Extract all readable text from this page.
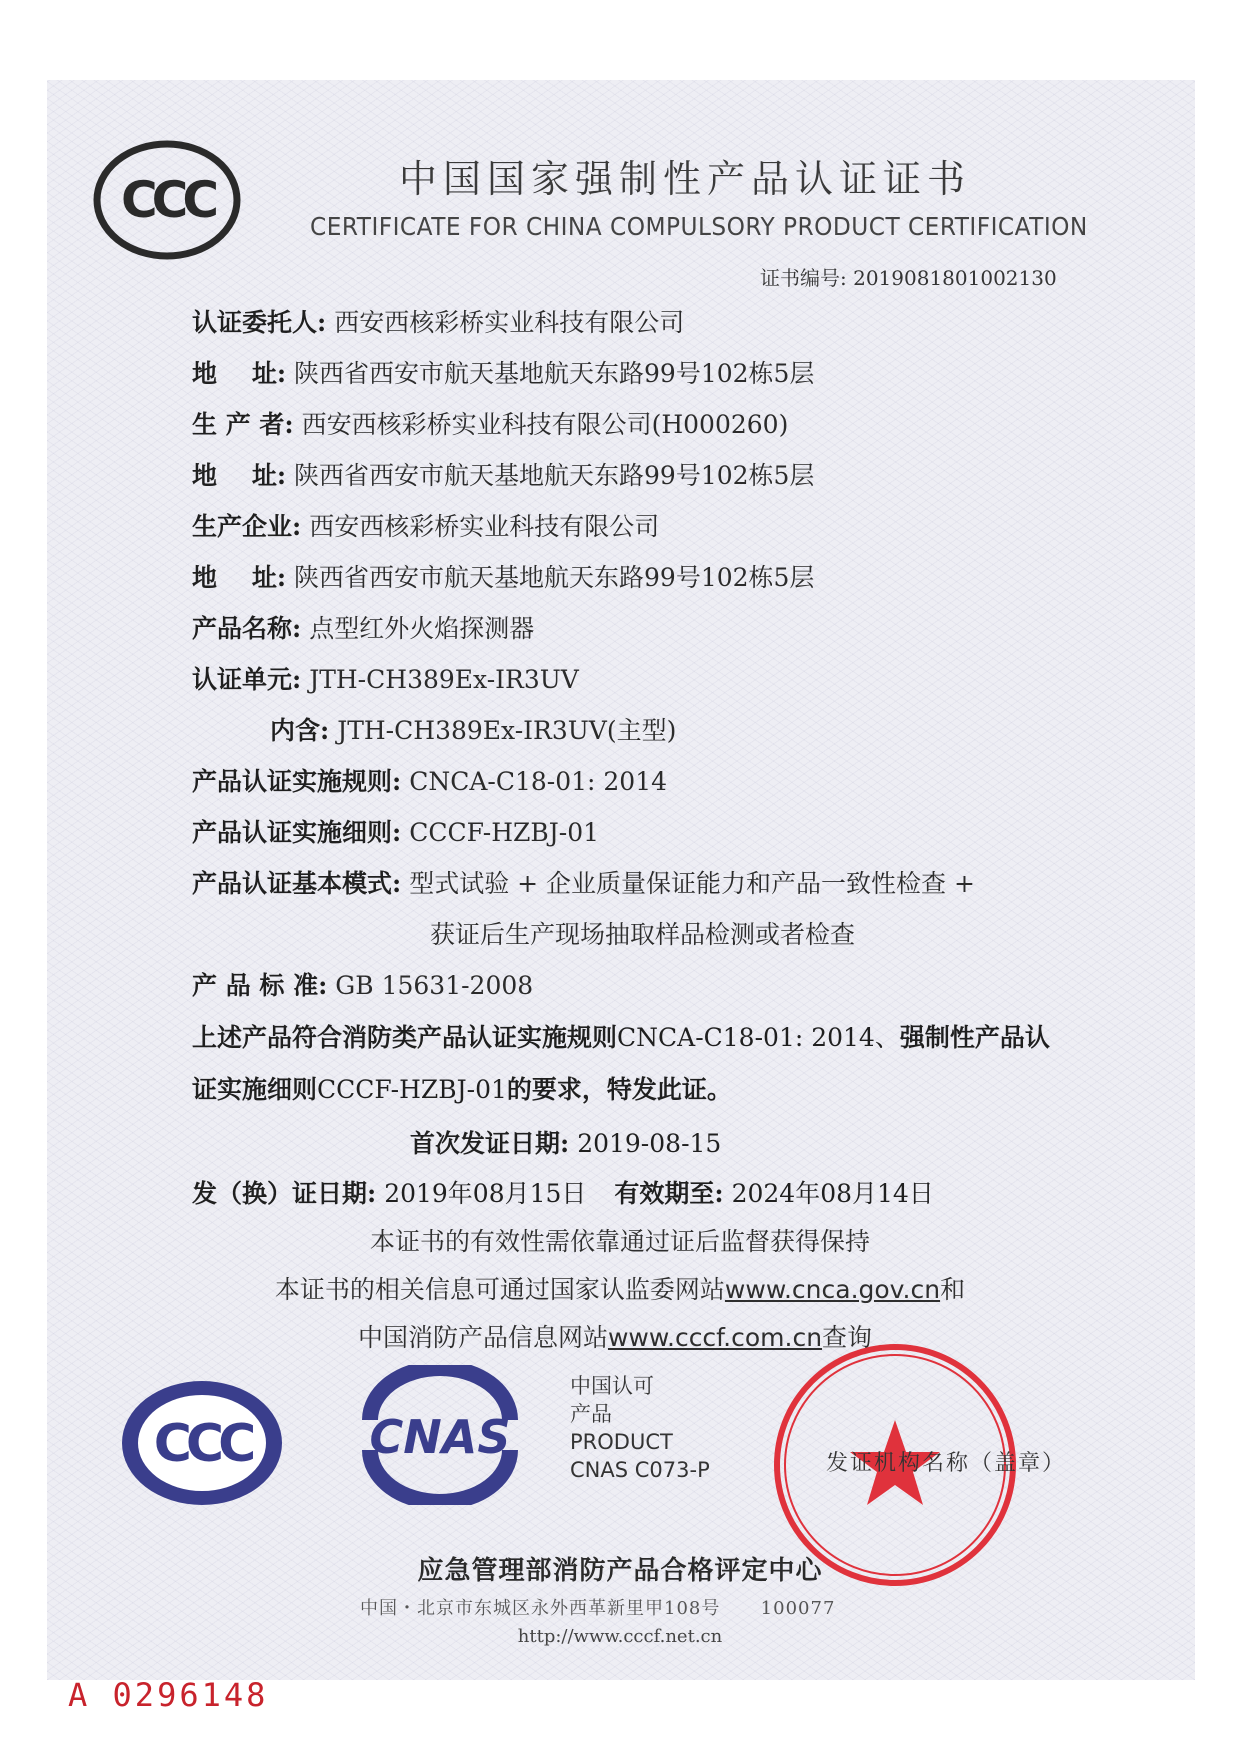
CCC	中国国家强制性产品认证证书
CERTIFICATE FOR CHINA COMPULSORY PRODUCT CERTIFICATION
证书编号: 2019081801002130
认证委托人: 西安西核彩桥实业科技有限公司
地    址: 陕西省西安市航天基地航天东路99号102栋5层
生 产 者: 西安西核彩桥实业科技有限公司(H000260)
地    址: 陕西省西安市航天基地航天东路99号102栋5层
生产企业: 西安西核彩桥实业科技有限公司
地    址: 陕西省西安市航天基地航天东路99号102栋5层
产品名称: 点型红外火焰探测器
认证单元: JTH-CH389Ex-IR3UV
内含: JTH-CH389Ex-IR3UV(主型)
产品认证实施规则: CNCA-C18-01: 2014
产品认证实施细则: CCCF-HZBJ-01
产品认证基本模式: 型式试验 + 企业质量保证能力和产品一致性检查 +
获证后生产现场抽取样品检测或者检查
产 品 标 准: GB 15631-2008
上述产品符合消防类产品认证实施规则CNCA-C18-01: 2014、强制性产品认
证实施细则CCCF-HZBJ-01的要求，特发此证。
首次发证日期: 2019-08-15
发（换）证日期: 2019年08月15日 有效期至: 2024年08月14日
本证书的有效性需依靠通过证后监督获得保持
本证书的相关信息可通过国家认监委网站www.cnca.gov.cn和
中国消防产品信息网站www.cccf.com.cn查询
CCC	CNAS
中国认可
产品
PRODUCT
CNAS C073-P	发证机构名称（盖章）
应急管理部消防产品合格评定中心
中国・北京市东城区永外西革新里甲108号      100077
http://www.cccf.net.cn
A 0296148
